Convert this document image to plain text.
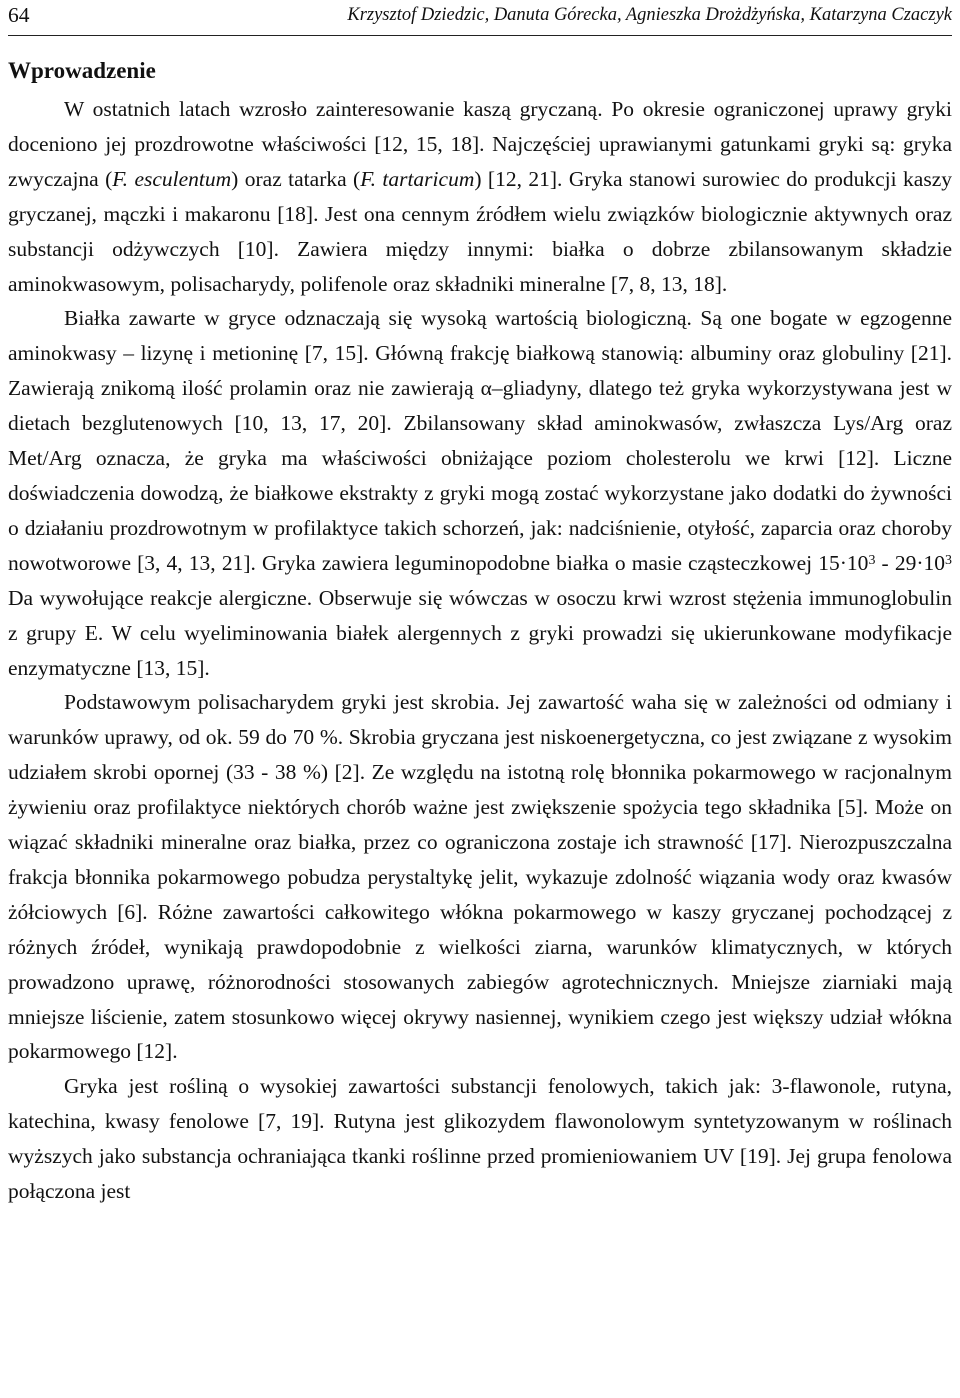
64	Krzysztof Dziedzic, Danuta Górecka, Agnieszka Drożdżyńska, Katarzyna Czaczyk
Wprowadzenie

W ostatnich latach wzrosło zainteresowanie kaszą gryczaną. Po okresie ograniczonej uprawy gryki doceniono jej prozdrowotne właściwości [12, 15, 18]. Najczęściej uprawianymi gatunkami gryki są: gryka zwyczajna (F. esculentum) oraz tatarka (F. tartaricum) [12, 21]. Gryka stanowi surowiec do produkcji kaszy gryczanej, mączki i makaronu [18]. Jest ona cennym źródłem wielu związków biologicznie aktywnych oraz substancji odżywczych [10]. Zawiera między innymi: białka o dobrze zbilansowanym składzie aminokwasowym, polisacharydy, polifenole oraz składniki mineralne [7, 8, 13, 18].

Białka zawarte w gryce odznaczają się wysoką wartością biologiczną. Są one bogate w egzogenne aminokwasy – lizynę i metioninę [7, 15]. Główną frakcję białkową stanowią: albuminy oraz globuliny [21]. Zawierają znikomą ilość prolamin oraz nie zawierają α–gliadyny, dlatego też gryka wykorzystywana jest w dietach bezglutenowych [10, 13, 17, 20]. Zbilansowany skład aminokwasów, zwłaszcza Lys/Arg oraz Met/Arg oznacza, że gryka ma właściwości obniżające poziom cholesterolu we krwi [12]. Liczne doświadczenia dowodzą, że białkowe ekstrakty z gryki mogą zostać wykorzystane jako dodatki do żywności o działaniu prozdrowotnym w profilaktyce takich schorzeń, jak: nadciśnienie, otyłość, zaparcia oraz choroby nowotworowe [3, 4, 13, 21]. Gryka zawiera leguminopodobne białka o masie cząsteczkowej $15\cdot 10^3 - 29\cdot 10^3$ Da wywołujące reakcje alergiczne. Obserwuje się wówczas w osoczu krwi wzrost stężenia immunoglobulin z grupy E. W celu wyeliminowania białek alergennych z gryki prowadzi się ukierunkowane modyfikacje enzymatyczne [13, 15].

Podstawowym polisacharydem gryki jest skrobia. Jej zawartość waha się w zależności od odmiany i warunków uprawy, od ok. 59 do 70 %. Skrobia gryczana jest niskoenergetyczna, co jest związane z wysokim udziałem skrobi opornej (33 - 38 %) [2]. Ze względu na istotną rolę błonnika pokarmowego w racjonalnym żywieniu oraz profilaktyce niektórych chorób ważne jest zwiększenie spożycia tego składnika [5]. Może on wiązać składniki mineralne oraz białka, przez co ograniczona zostaje ich strawność [17]. Nierozpuszczalna frakcja błonnika pokarmowego pobudza perystaltykę jelit, wykazuje zdolność wiązania wody oraz kwasów żółciowych [6]. Różne zawartości całkowitego włókna pokarmowego w kaszy gryczanej pochodzącej z różnych źródeł, wynikają prawdopodobnie z wielkości ziarna, warunków klimatycznych, w których prowadzono uprawę, różnorodności stosowanych zabiegów agrotechnicznych. Mniejsze ziarniaki mają mniejsze liścienie, zatem stosunkowo więcej okrywy nasiennej, wynikiem czego jest większy udział włókna pokarmowego [12].

Gryka jest rośliną o wysokiej zawartości substancji fenolowych, takich jak: 3-flawonole, rutyna, katechina, kwasy fenolowe [7, 19]. Rutyna jest glikozydem flawonolowym syntetyzowanym w roślinach wyższych jako substancja ochraniająca tkanki roślinne przed promieniowaniem UV [19]. Jej grupa fenolowa połączona jest
